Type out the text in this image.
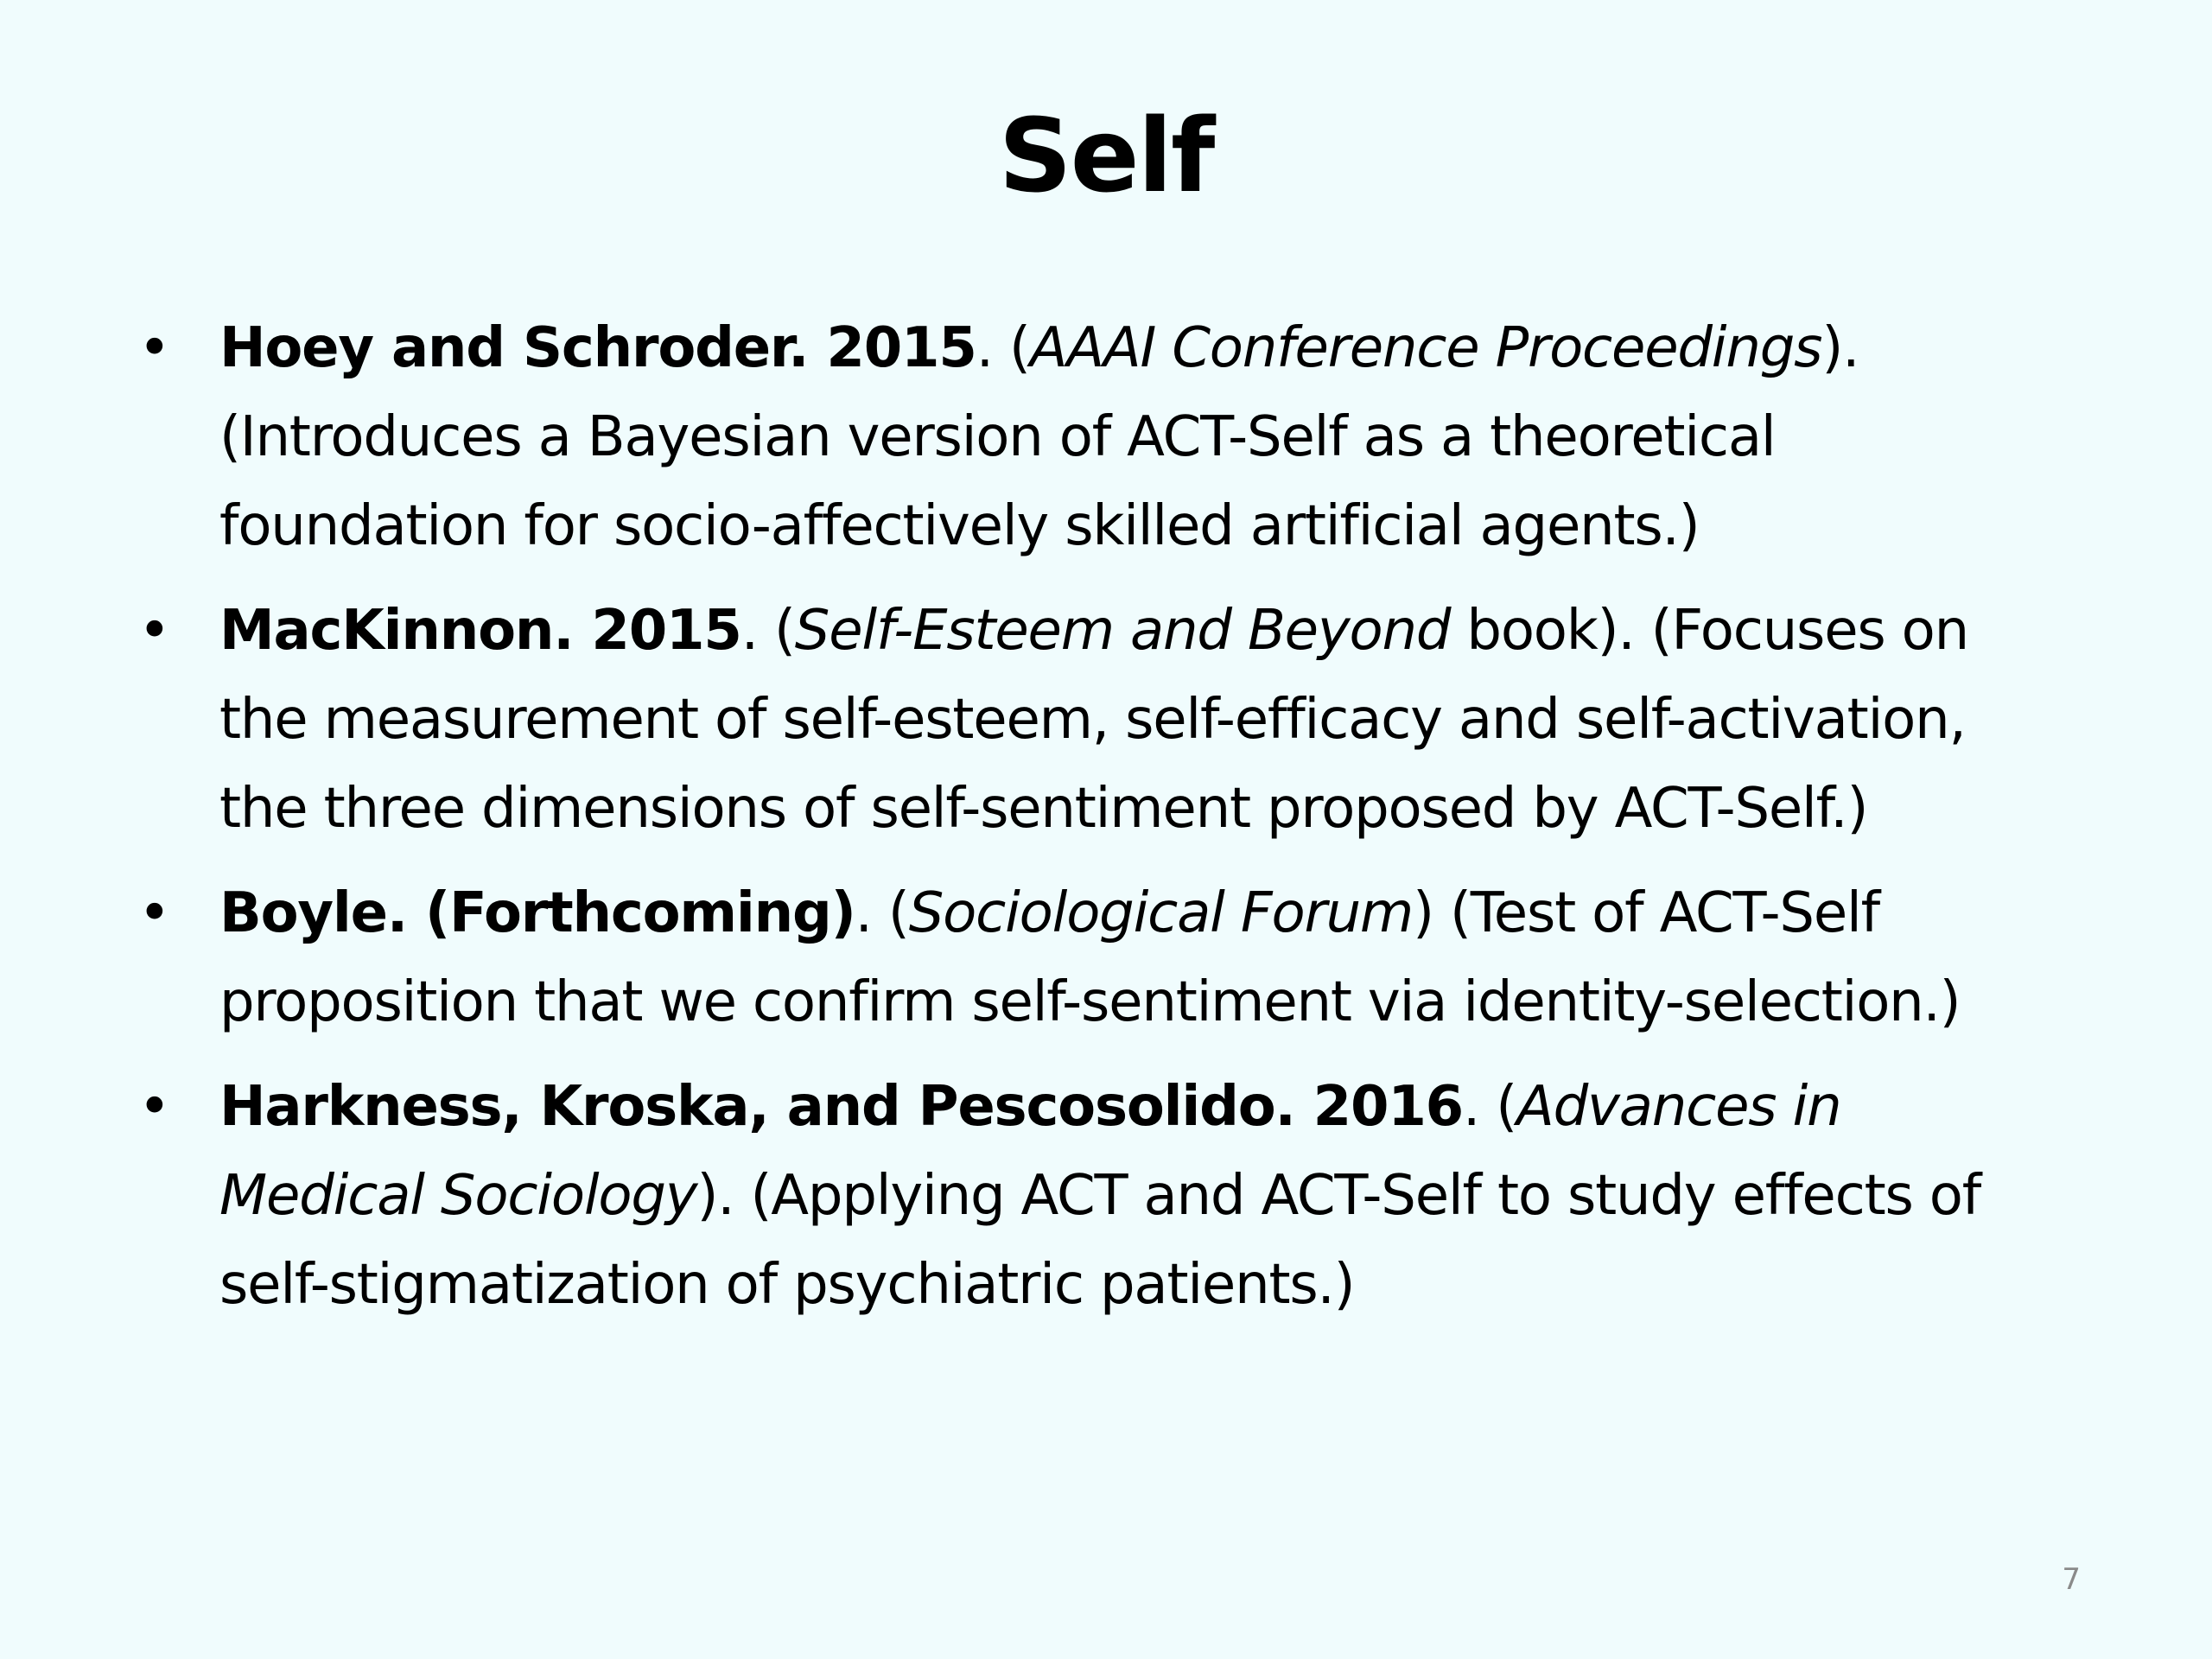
Self
• Hoey and Schroder. 2015. (AAAI Conference Proceedings). (Introduces a Bayesian version of ACT-Self as a theoretical foundation for socio-affectively skilled artificial agents.)
• MacKinnon. 2015. (Self-Esteem and Beyond book). (Focuses on the measurement of self-esteem, self-efficacy and self-activation, the three dimensions of self-sentiment proposed by ACT-Self.)
• Boyle. (Forthcoming). (Sociological Forum) (Test of ACT-Self proposition that we confirm self-sentiment via identity-selection.)
• Harkness, Kroska, and Pescosolido. 2016. (Advances in Medical Sociology). (Applying ACT and ACT-Self to study effects of self-stigmatization of psychiatric patients.)
7
